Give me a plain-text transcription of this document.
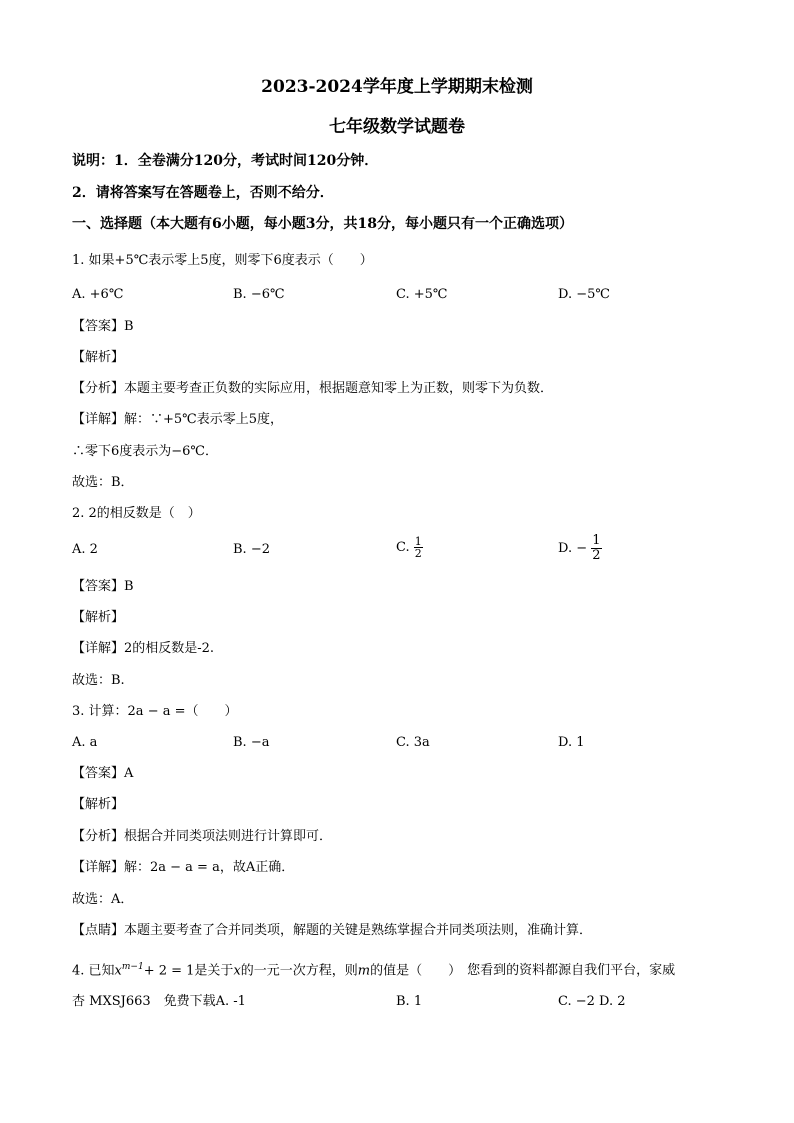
2023-2024学年度上学期期末检测
七年级数学试题卷
说明：1．全卷满分120分，考试时间120分钟．
2．请将答案写在答题卷上，否则不给分．
一、选择题（本大题有6小题，每小题3分，共18分，每小题只有一个正确选项）
1. 如果+5℃表示零上5度，则零下6度表示（　　）
A. +6℃	B. −6℃	C. +5℃	D. −5℃
【答案】B
【解析】
【分析】本题主要考查正负数的实际应用，根据题意知零上为正数，则零下为负数．
【详解】解：∵+5℃表示零上5度，
∴零下6度表示为−6℃．
故选：B．
2. 2的相反数是（　）
A. 2	B. −2	C. $\frac{1}{2}$	D. − $\frac{1}{2}$
【答案】B
【解析】
【详解】2的相反数是-2.
故选：B.
3. 计算：2a − a =（　　）
A. a	B. −a	C. 3a	D. 1
【答案】A
【解析】
【分析】根据合并同类项法则进行计算即可．
【详解】解：2a − a = a，故A正确．
故选：A．
【点睛】本题主要考查了合并同类项，解题的关键是熟练掌握合并同类项法则，准确计算．
4. 已知$x^{m-1}+ 2 = 1$是关于x的一元一次方程，则m的值是（　　） 您看到的资料都源自我们平台，家威
杏 MXSJ663　免费下载A. -1	B. 1	C. −2 D. 2
